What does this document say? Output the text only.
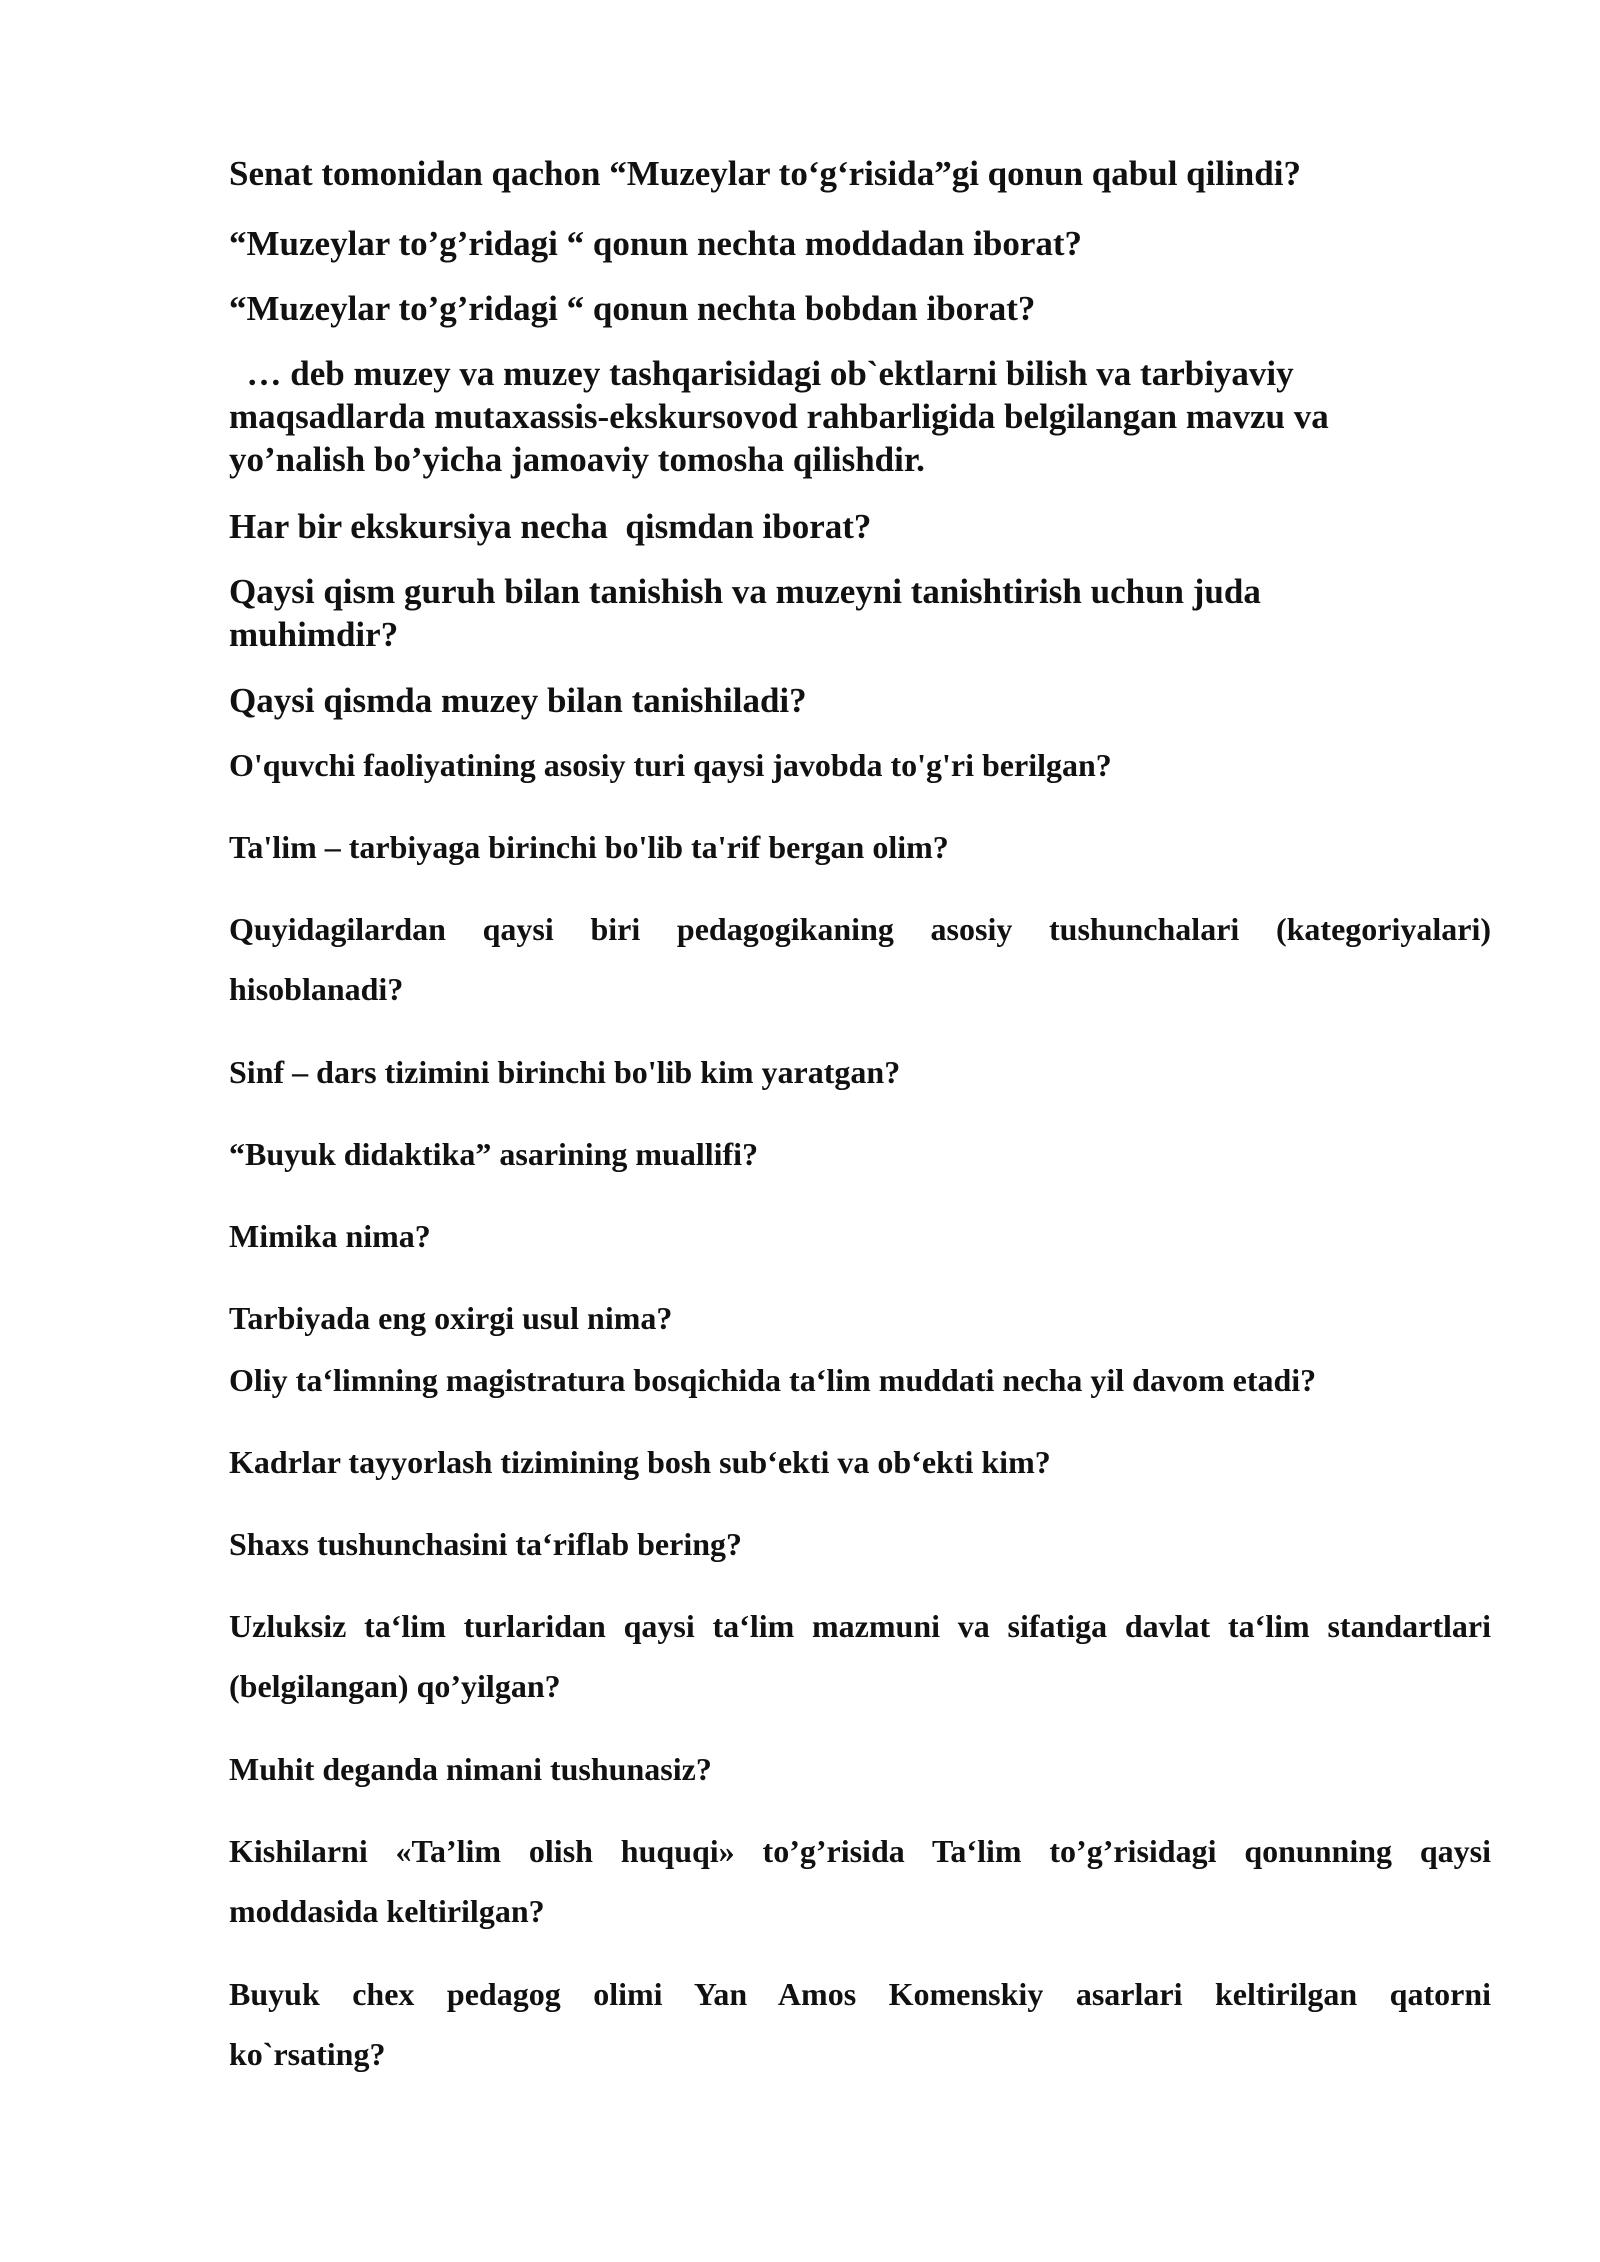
Senat tomonidan qachon “Muzeylar to‘g‘risida”gi qonun qabul qilindi?

“Muzeylar to’g’ridagi “ qonun nechta moddadan iborat?

“Muzeylar to’g’ridagi “ qonun nechta bobdan iborat?

… deb muzey va muzey tashqarisidagi ob`ektlarni bilish va tarbiyaviy
maqsadlarda mutaxassis-ekskursovod rahbarligida belgilangan mavzu va
yo’nalish bo’yicha jamoaviy tomosha qilishdir.

Har bir ekskursiya necha  qismdan iborat?

Qaysi qism guruh bilan tanishish va muzeyni tanishtirish uchun juda
muhimdir?

Qaysi qismda muzey bilan tanishiladi?

O'quvchi faoliyatining asosiy turi qaysi javobda to'g'ri berilgan?

Ta'lim – tarbiyaga birinchi bo'lib ta'rif bergan olim?

Quyidagilardan qaysi biri pedagogikaning asosiy tushunchalari (kategoriyalari)
hisoblanadi?

Sinf – dars tizimini birinchi bo'lib kim yaratgan?

“Buyuk didaktika” asarining muallifi?

Mimika nima?

Tarbiyada eng oxirgi usul nima?

Oliy ta‘limning magistratura bosqichida ta‘lim muddati necha yil davom etadi?

Kadrlar tayyorlash tizimining bosh sub‘ekti va ob‘ekti kim?

Shaxs tushunchasini ta‘riflab bering?

Uzluksiz ta‘lim turlaridan qaysi ta‘lim mazmuni va sifatiga davlat ta‘lim standartlari
(belgilangan) qo’yilgan?

Muhit deganda nimani tushunasiz?

Kishilarni «Ta’lim olish huquqi» to’g’risida Ta‘lim to’g’risidagi qonunning qaysi
moddasida keltirilgan?

Buyuk chex pedagog olimi Yan Amos Komenskiy asarlari keltirilgan qatorni
ko`rsating?
